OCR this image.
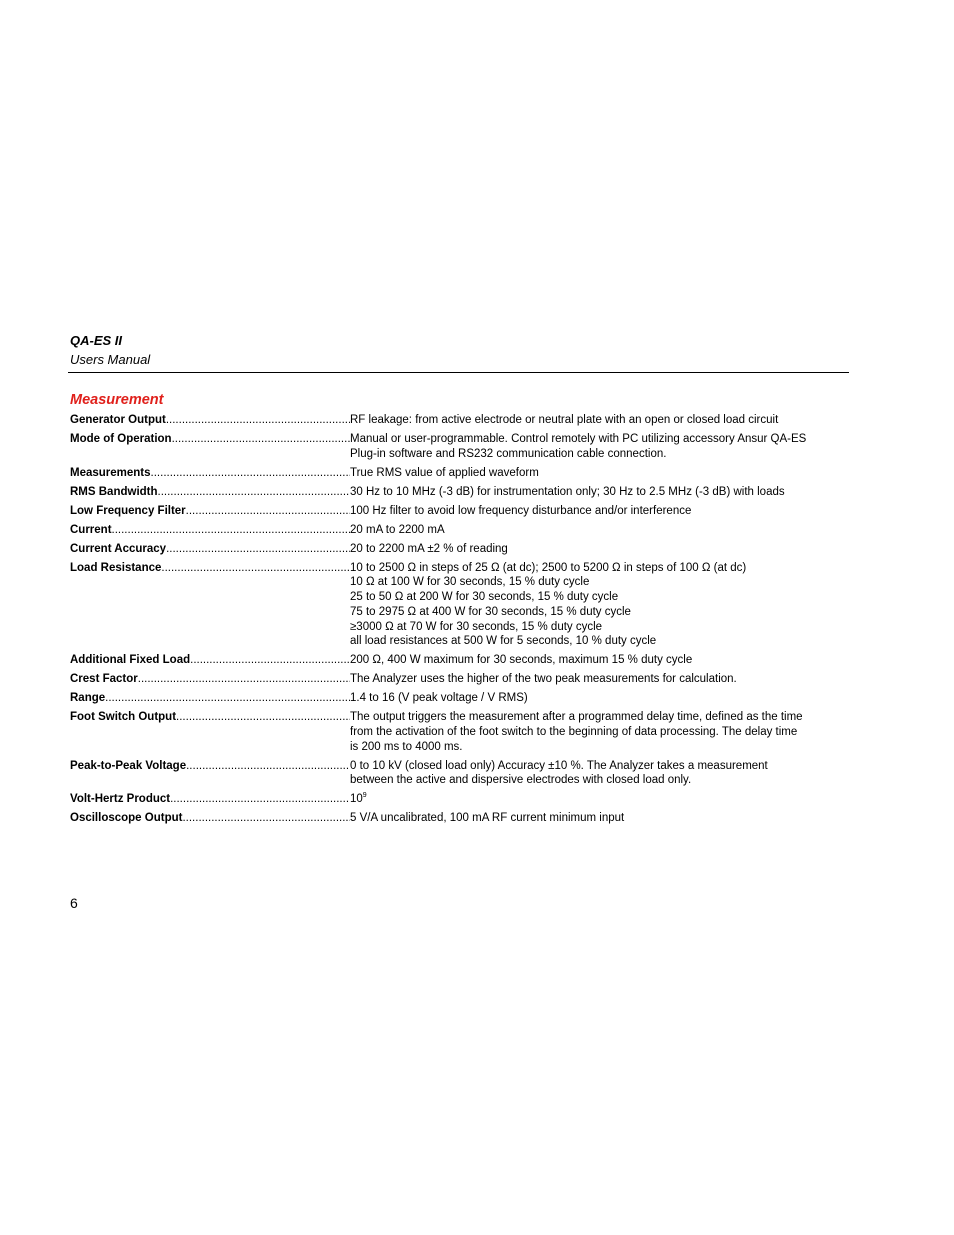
QA-ES II
Users Manual
Measurement
Generator Output .....	RF leakage: from active electrode or neutral plate with an open or closed load circuit
Mode of Operation .....	Manual or user-programmable. Control remotely with PC utilizing accessory Ansur QA-ES
Plug-in software and RS232 communication cable connection.
Measurements .....	True RMS value of applied waveform
RMS Bandwidth .....	30 Hz to 10 MHz (-3 dB) for instrumentation only; 30 Hz to 2.5 MHz (-3 dB) with loads
Low Frequency Filter .....	100 Hz filter to avoid low frequency disturbance and/or interference
Current .....	20 mA to 2200 mA
Current Accuracy .....	20 to 2200 mA ±2 % of reading
Load Resistance .....	10 to 2500 Ω in steps of 25 Ω (at dc); 2500 to 5200 Ω in steps of 100 Ω (at dc)
10 Ω at 100 W for 30 seconds, 15 % duty cycle
25 to 50 Ω at 200 W for 30 seconds, 15 % duty cycle
75 to 2975 Ω at 400 W for 30 seconds, 15 % duty cycle
≥3000 Ω at 70 W for 30 seconds, 15 % duty cycle
all load resistances at 500 W for 5 seconds, 10 % duty cycle
Additional Fixed Load .....	200 Ω, 400 W maximum for 30 seconds, maximum 15 % duty cycle
Crest Factor .....	The Analyzer uses the higher of the two peak measurements for calculation.
Range .....	1.4 to 16 (V peak voltage / V RMS)
Foot Switch Output .....	The output triggers the measurement after a programmed delay time, defined as the time
from the activation of the foot switch to the beginning of data processing. The delay time
is 200 ms to 4000 ms.
Peak-to-Peak Voltage .....	0 to 10 kV (closed load only) Accuracy ±10 %. The Analyzer takes a measurement
between the active and dispersive electrodes with closed load only.
Volt-Hertz Product .....	$10^9$
Oscilloscope Output .....	5 V/A uncalibrated, 100 mA RF current minimum input
6
